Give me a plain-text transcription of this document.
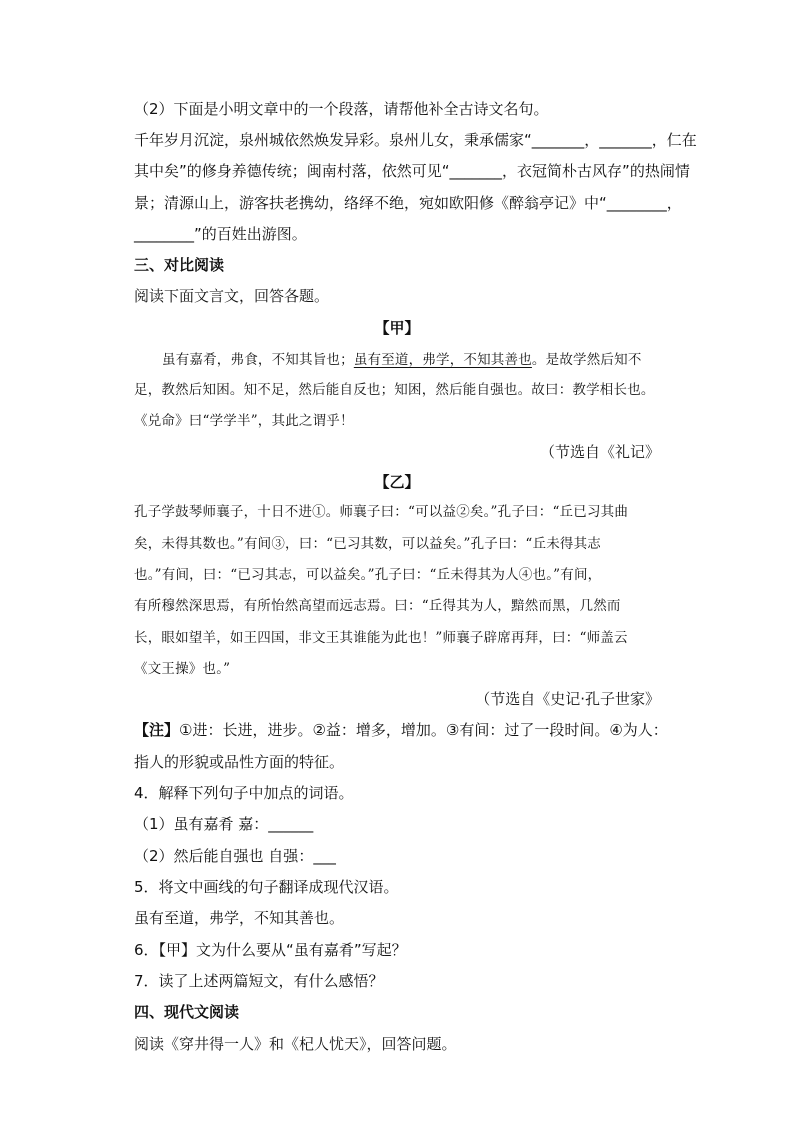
（2）下面是小明文章中的一个段落，请帮他补全古诗文名句。
千年岁月沉淀，泉州城依然焕发异彩。泉州儿女，秉承儒家“_______，_______，仁在
其中矣”的修身养德传统；闽南村落，依然可见“_______，衣冠简朴古风存”的热闹情
景；清源山上，游客扶老携幼，络绎不绝，宛如欧阳修《醉翁亭记》中“________，
________”的百姓出游图。
三、对比阅读
阅读下面文言文，回答各题。
【甲】
虽有嘉肴，弗食，不知其旨也；虽有至道，弗学，不知其善也。是故学然后知不
足，教然后知困。知不足，然后能自反也；知困，然后能自强也。故曰：教学相长也。
《兑命》曰“学学半”，其此之谓乎！
（节选自《礼记》
【乙】
孔子学鼓琴师襄子，十日不进①。师襄子曰：“可以益②矣。”孔子曰：“丘已习其曲
矣，未得其数也。”有间③，曰：“已习其数，可以益矣。”孔子曰：“丘未得其志
也。”有间，曰：“已习其志，可以益矣。”孔子曰：“丘未得其为人④也。”有间，
有所穆然深思焉，有所怡然高望而远志焉。曰：“丘得其为人，黯然而黑，几然而
长，眼如望羊，如王四国，非文王其谁能为此也！”师襄子辟席再拜，曰：“师盖云
《文王操》也。”
（节选自《史记·孔子世家》
【注】①进：长进，进步。②益：增多，增加。③有间：过了一段时间。④为人：
指人的形貌或品性方面的特征。
4．解释下列句子中加点的词语。
（1）虽有嘉肴 嘉：______
（2）然后能自强也 自强：___
5．将文中画线的句子翻译成现代汉语。
虽有至道，弗学，不知其善也。
6．【甲】文为什么要从“虽有嘉肴”写起？
7．读了上述两篇短文，有什么感悟？
四、现代文阅读
阅读《穿井得一人》和《杞人忧天》，回答问题。
